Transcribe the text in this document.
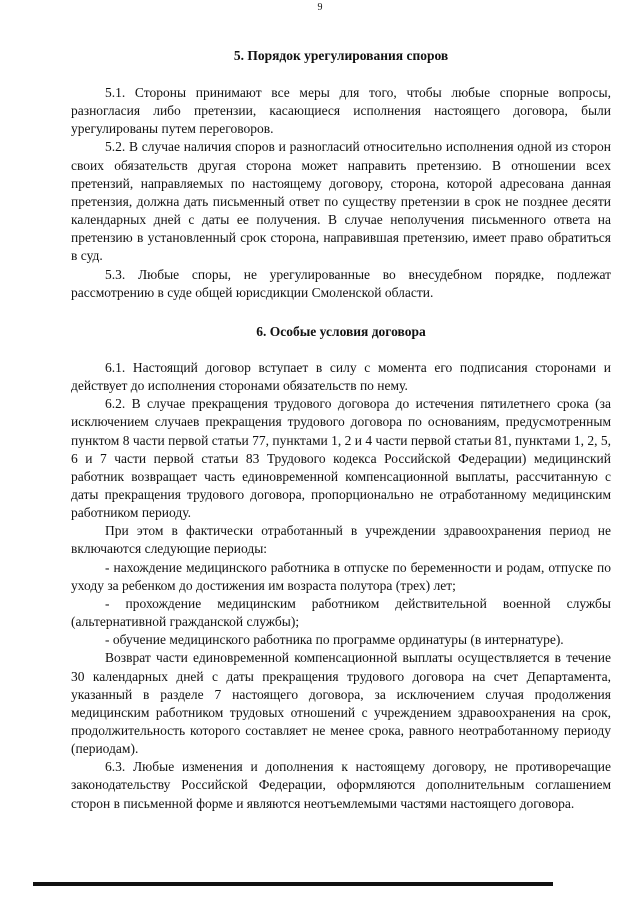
9
5. Порядок урегулирования споров

5.1. Стороны принимают все меры для того, чтобы любые спорные вопросы, разногласия либо претензии, касающиеся исполнения настоящего договора, были урегулированы путем переговоров.

5.2. В случае наличия споров и разногласий относительно исполнения одной из сторон своих обязательств другая сторона может направить претензию. В отношении всех претензий, направляемых по настоящему договору, сторона, которой адресована данная претензия, должна дать письменный ответ по существу претензии в срок не позднее десяти календарных дней с даты ее получения. В случае неполучения письменного ответа на претензию в установленный срок сторона, направившая претензию, имеет право обратиться в суд.

5.3. Любые споры, не урегулированные во внесудебном порядке, подлежат рассмотрению в суде общей юрисдикции Смоленской области.

6. Особые условия договора

6.1. Настоящий договор вступает в силу с момента его подписания сторонами и действует до исполнения сторонами обязательств по нему.

6.2. В случае прекращения трудового договора до истечения пятилетнего срока (за исключением случаев прекращения трудового договора по основаниям, предусмотренным пунктом 8 части первой статьи 77, пунктами 1, 2 и 4 части первой статьи 81, пунктами 1, 2, 5, 6 и 7 части первой статьи 83 Трудового кодекса Российской Федерации) медицинский работник возвращает часть единовременной компенсационной выплаты, рассчитанную с даты прекращения трудового договора, пропорционально не отработанному медицинским работником периоду.

При этом в фактически отработанный в учреждении здравоохранения период не включаются следующие периоды:

- нахождение медицинского работника в отпуске по беременности и родам, отпуске по уходу за ребенком до достижения им возраста полутора (трех) лет;

- прохождение медицинским работником действительной военной службы (альтернативной гражданской службы);

- обучение медицинского работника по программе ординатуры (в интернатуре).

Возврат части единовременной компенсационной выплаты осуществляется в течение 30 календарных дней с даты прекращения трудового договора на счет Департамента, указанный в разделе 7 настоящего договора, за исключением случая продолжения медицинским работником трудовых отношений с учреждением здравоохранения на срок, продолжительность которого составляет не менее срока, равного неотработанному периоду (периодам).

6.3. Любые изменения и дополнения к настоящему договору, не противоречащие законодательству Российской Федерации, оформляются дополнительным соглашением сторон в письменной форме и являются неотъемлемыми частями настоящего договора.
